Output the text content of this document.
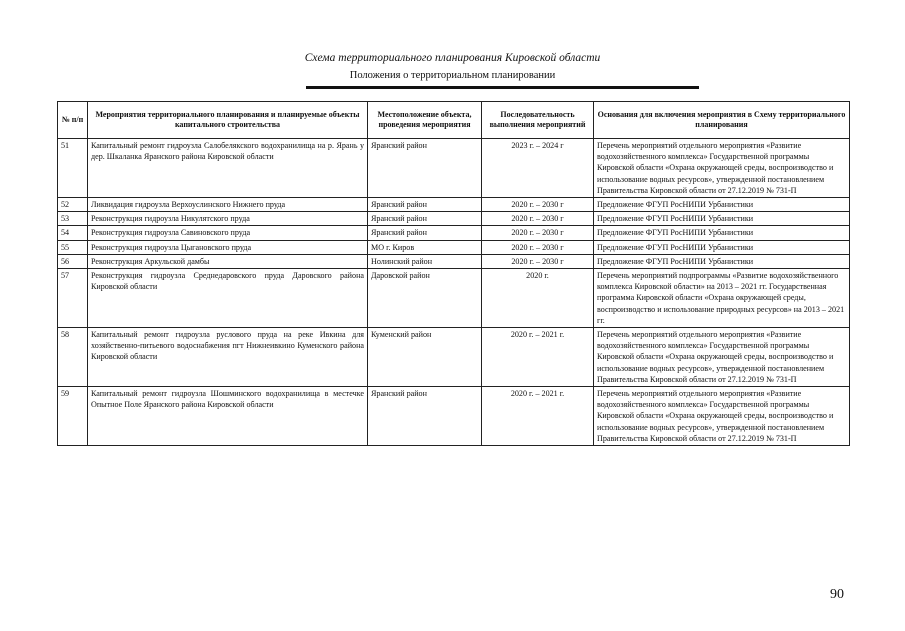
Схема территориального планирования Кировской области
Положения о территориальном планировании
№ п/п	Мероприятия территориального планирования и планируемые объекты капитального строительства	Местоположение объекта, проведения мероприятия	Последовательность выполнения мероприятий	Основания для включения мероприятия в Схему территориального планирования
51	Капитальный ремонт гидроузла Салобелякского водохранилища на р. Ярань у дер. Шкаланка Яранского района Кировской области	Яранский район	2023 г. – 2024 г	Перечень мероприятий отдельного мероприятия «Развитие водохозяйственного комплекса» Государственной программы Кировской области «Охрана окружающей среды, воспроизводство и использование водных ресурсов», утвержденной постановлением Правительства Кировской области от 27.12.2019 № 731-П
52	Ликвидация гидроузла Верхоуслинского Нижнего пруда	Яранский район	2020 г. – 2030 г	Предложение ФГУП РосНИПИ Урбанистики
53	Реконструкция гидроузла Никулятского пруда	Яранский район	2020 г. – 2030 г	Предложение ФГУП РосНИПИ Урбанистики
54	Реконструкция гидроузла Савиновского пруда	Яранский район	2020 г. – 2030 г	Предложение ФГУП РосНИПИ Урбанистики
55	Реконструкция гидроузла Цыгановского пруда	МО г. Киров	2020 г. – 2030 г	Предложение ФГУП РосНИПИ Урбанистики
56	Реконструкция Аркульской дамбы	Нолинский район	2020 г. – 2030 г	Предложение ФГУП РосНИПИ Урбанистики
57	Реконструкция гидроузла Среднедаровского пруда Даровского района Кировской области	Даровской район	2020 г.	Перечень мероприятий подпрограммы «Развитие водохозяйственного комплекса Кировской области» на 2013 – 2021 гг. Государственная программа Кировской области «Охрана окружающей среды, воспроизводство и использование природных ресурсов» на 2013 – 2021 гг.
58	Капитальный ремонт гидроузла руслового пруда на реке Ивкина для хозяйственно-питьевого водоснабжения пгт Нижнеивкино Куменского района Кировской области	Куменский район	2020 г. – 2021 г.	Перечень мероприятий отдельного мероприятия «Развитие водохозяйственного комплекса» Государственной программы Кировской области «Охрана окружающей среды, воспроизводство и использование водных ресурсов», утвержденной постановлением Правительства Кировской области от 27.12.2019 № 731-П
59	Капитальный ремонт гидроузла Шошминского водохранилища в местечке Опытное Поле Яранского района Кировской области	Яранский район	2020 г. – 2021 г.	Перечень мероприятий отдельного мероприятия «Развитие водохозяйственного комплекса» Государственной программы Кировской области «Охрана окружающей среды, воспроизводство и использование водных ресурсов», утвержденной постановлением Правительства Кировской области от 27.12.2019 № 731-П
90
